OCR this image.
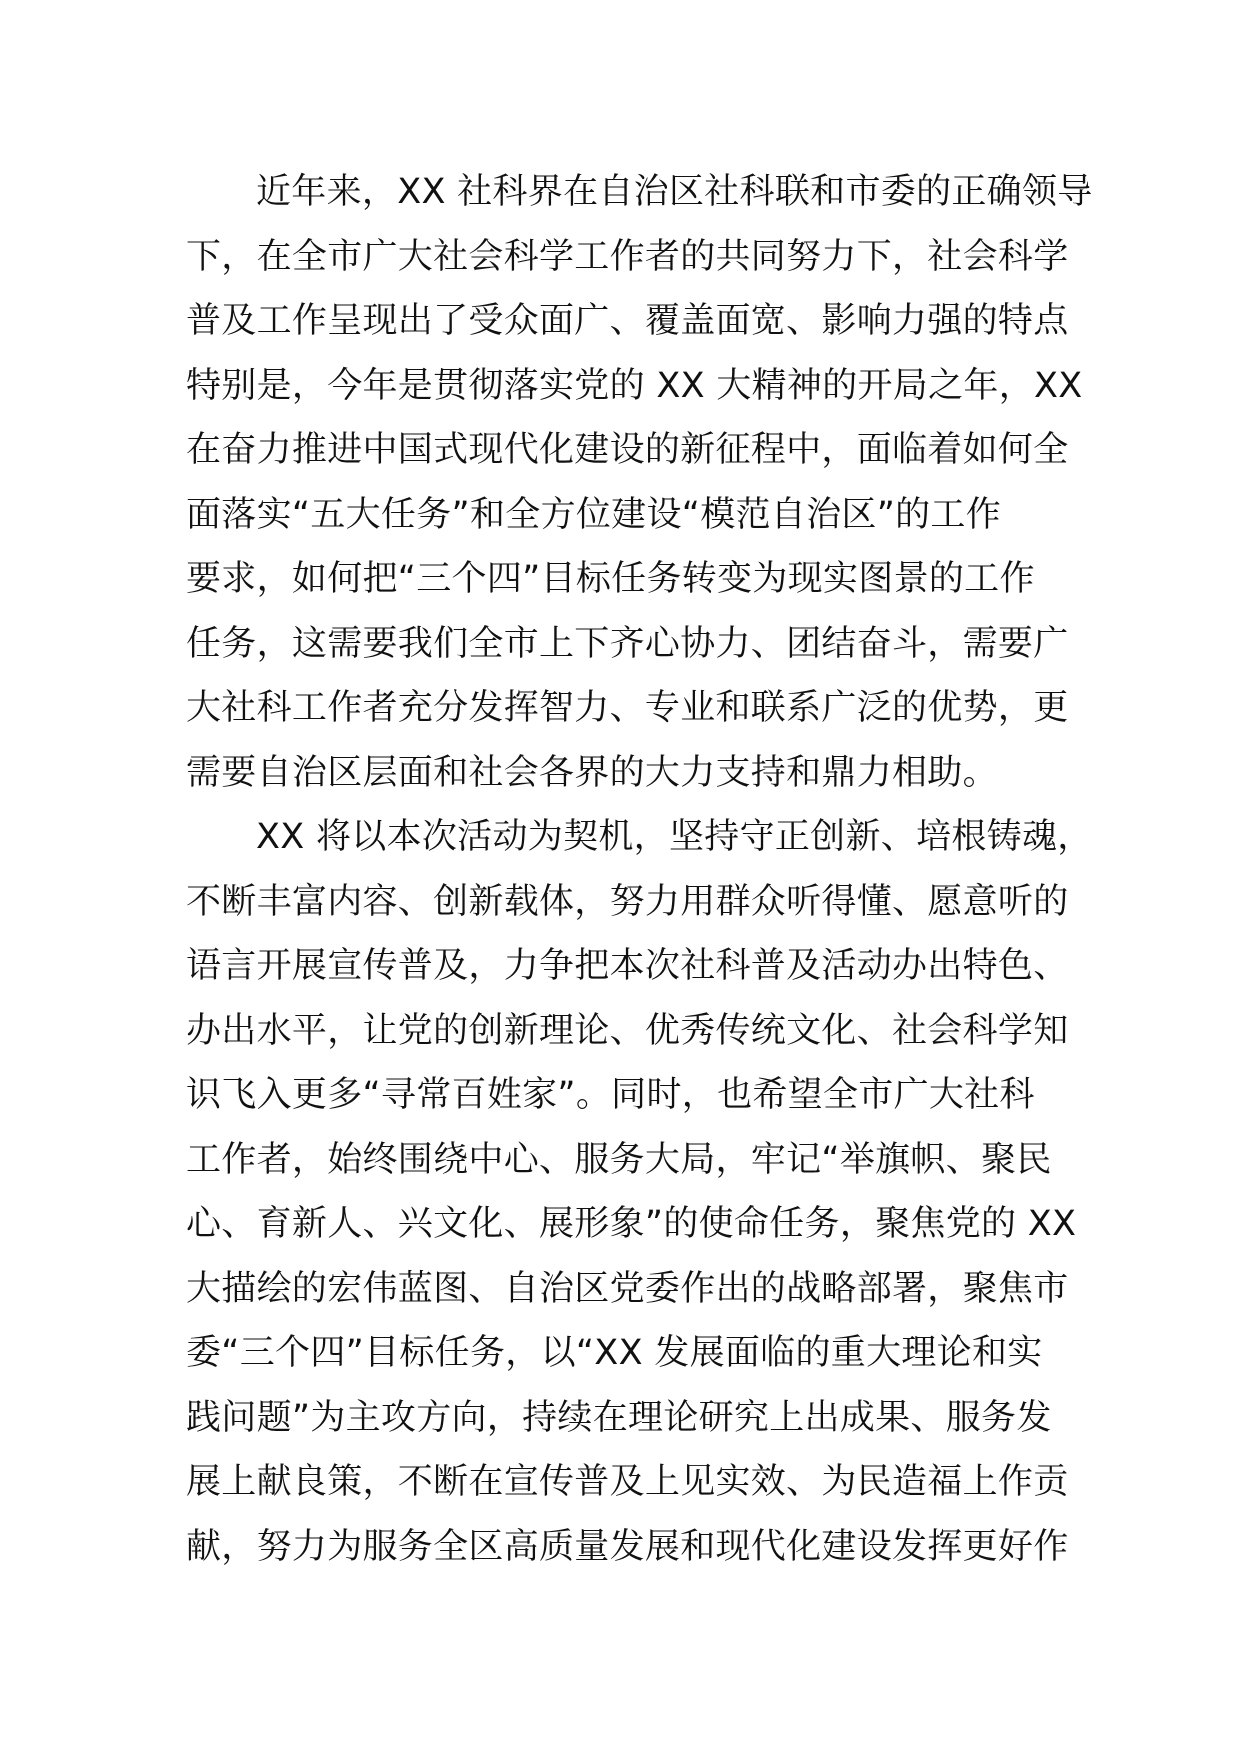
近年来，XX 社科界在自治区社科联和市委的正确领导
下，在全市广大社会科学工作者的共同努力下，社会科学
普及工作呈现出了受众面广、覆盖面宽、影响力强的特点
特别是，今年是贯彻落实党的 XX 大精神的开局之年，XX
在奋力推进中国式现代化建设的新征程中，面临着如何全
面落实“五大任务”和全方位建设“模范自治区”的工作
要求，如何把“三个四”目标任务转变为现实图景的工作
任务，这需要我们全市上下齐心协力、团结奋斗，需要广
大社科工作者充分发挥智力、专业和联系广泛的优势，更
需要自治区层面和社会各界的大力支持和鼎力相助。
XX 将以本次活动为契机，坚持守正创新、培根铸魂，
不断丰富内容、创新载体，努力用群众听得懂、愿意听的
语言开展宣传普及，力争把本次社科普及活动办出特色、
办出水平，让党的创新理论、优秀传统文化、社会科学知
识飞入更多“寻常百姓家”。同时，也希望全市广大社科
工作者，始终围绕中心、服务大局，牢记“举旗帜、聚民
心、育新人、兴文化、展形象”的使命任务，聚焦党的 XX
大描绘的宏伟蓝图、自治区党委作出的战略部署，聚焦市
委“三个四”目标任务，以“XX 发展面临的重大理论和实
践问题”为主攻方向，持续在理论研究上出成果、服务发
展上献良策，不断在宣传普及上见实效、为民造福上作贡
献，努力为服务全区高质量发展和现代化建设发挥更好作
